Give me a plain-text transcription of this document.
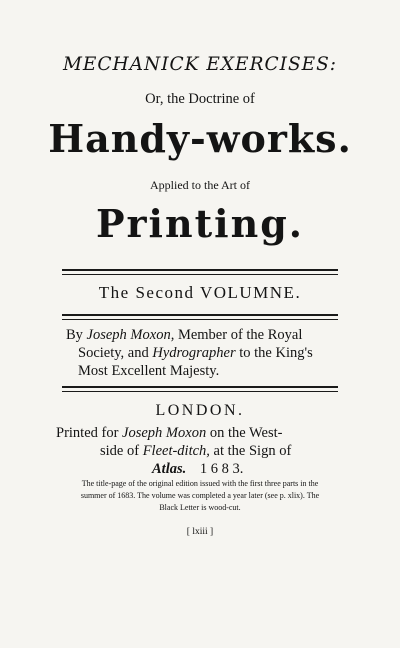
MECHANICK EXERCISES:
Or, the Doctrine of
Handy-works.
Applied to the Art of
Printing.
The Second VOLUMNE.
By Joseph Moxon, Member of the Royal
Society, and Hydrographer to the King's
Most Excellent Majesty.
LONDON.
Printed for Joseph Moxon on the West-
side of Fleet-ditch, at the Sign of
Atlas. 1 6 8 3.
The title-page of the original edition issued with the first three parts in the
summer of 1683. The volume was completed a year later (see p. xlix). The
Black Letter is wood-cut.
[ lxiii ]
